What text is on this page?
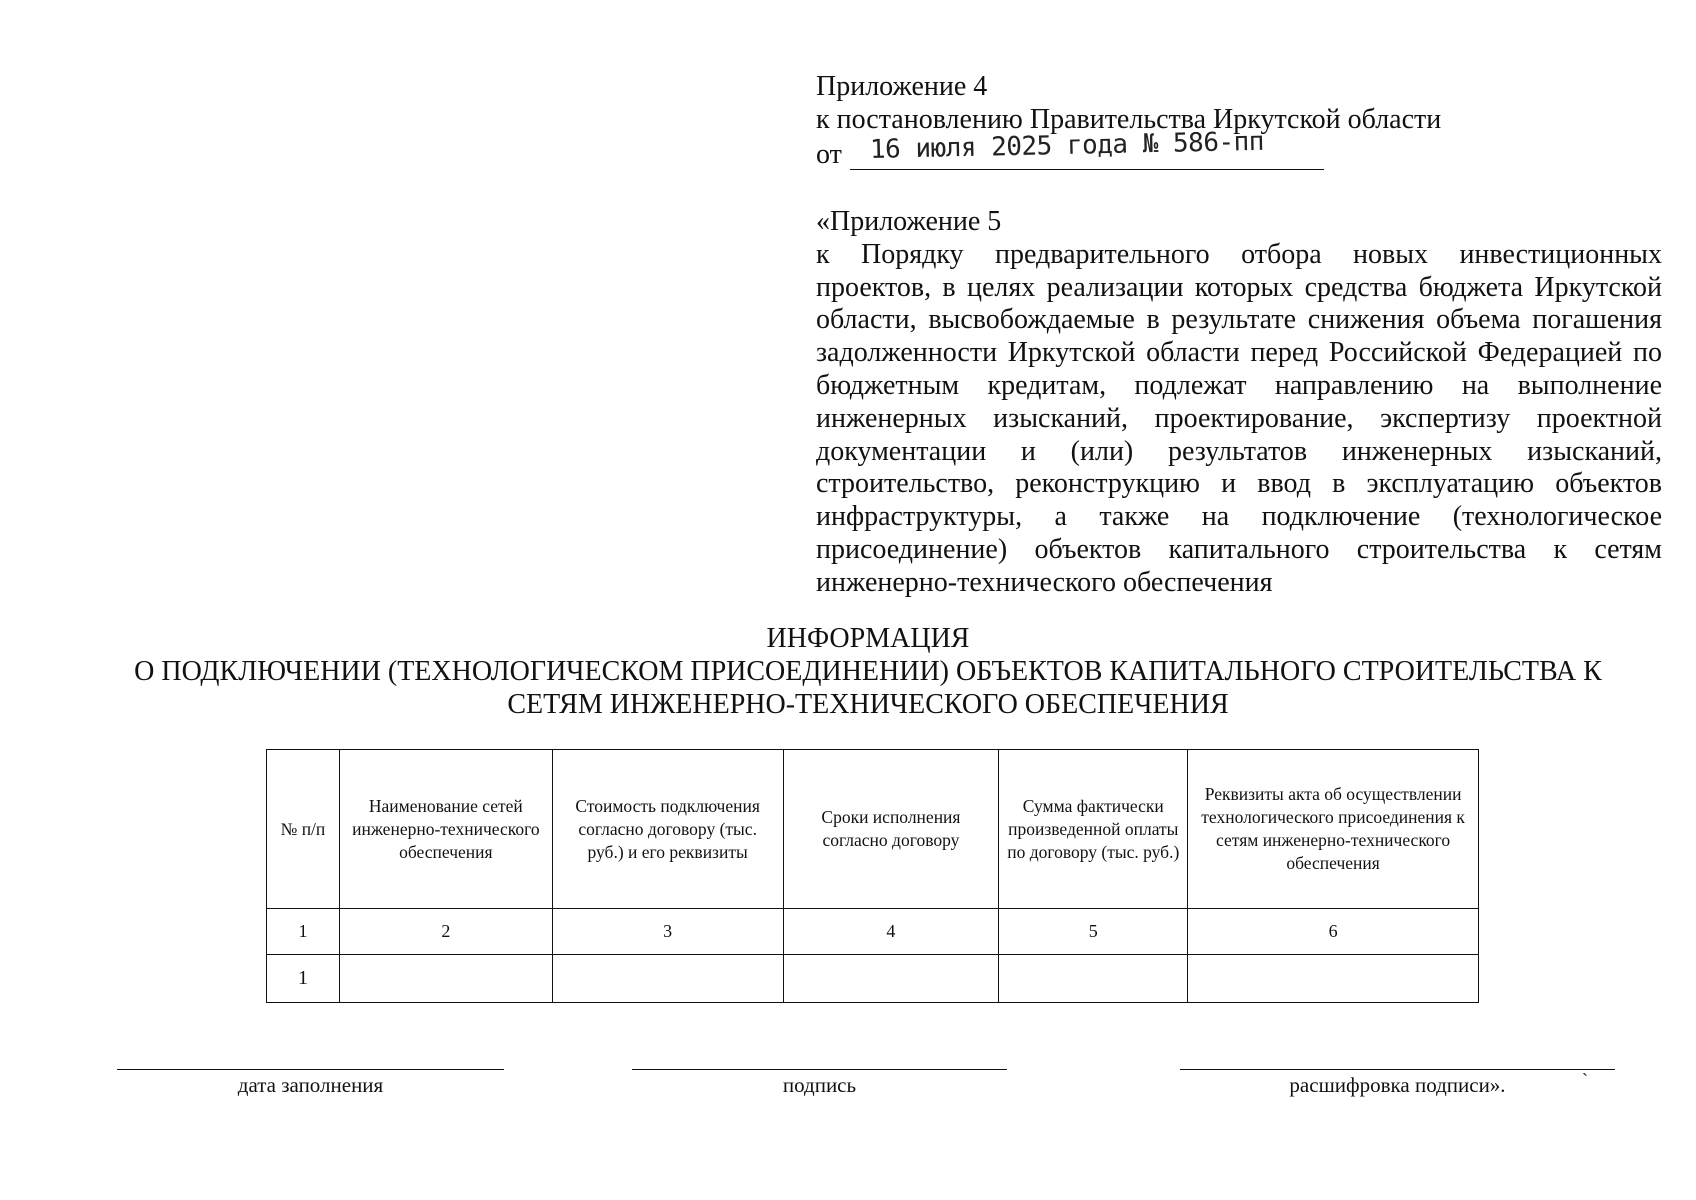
Приложение 4
к постановлению Правительства Иркутской области
от 16 июля 2025 года № 586-пп
«Приложение 5
к Порядку предварительного отбора новых инвестиционных проектов, в целях реализации которых средства бюджета Иркутской области, высвобождаемые в результате снижения объема погашения задолженности Иркутской области перед Российской Федерацией по бюджетным кредитам, подлежат направлению на выполнение инженерных изысканий, проектирование, экспертизу проектной документации и (или) результатов инженерных изысканий, строительство, реконструкцию и ввод в эксплуатацию объектов инфраструктуры, а также на подключение (технологическое присоединение) объектов капитального строительства к сетям инженерно-технического обеспечения
ИНФОРМАЦИЯ
О ПОДКЛЮЧЕНИИ (ТЕХНОЛОГИЧЕСКОМ ПРИСОЕДИНЕНИИ) ОБЪЕКТОВ КАПИТАЛЬНОГО СТРОИТЕЛЬСТВА К
СЕТЯМ ИНЖЕНЕРНО-ТЕХНИЧЕСКОГО ОБЕСПЕЧЕНИЯ
№ п/п	Наименование сетей инженерно-технического обеспечения	Стоимость подключения согласно договору (тыс. руб.) и его реквизиты	Сроки исполнения согласно договору	Сумма фактически произведенной оплаты по договору (тыс. руб.)	Реквизиты акта об осуществлении технологического присоединения к сетям инженерно-технического обеспечения
1	2	3	4	5	6
1					
дата заполнения	подпись	расшифровка подписи».	ˋ
